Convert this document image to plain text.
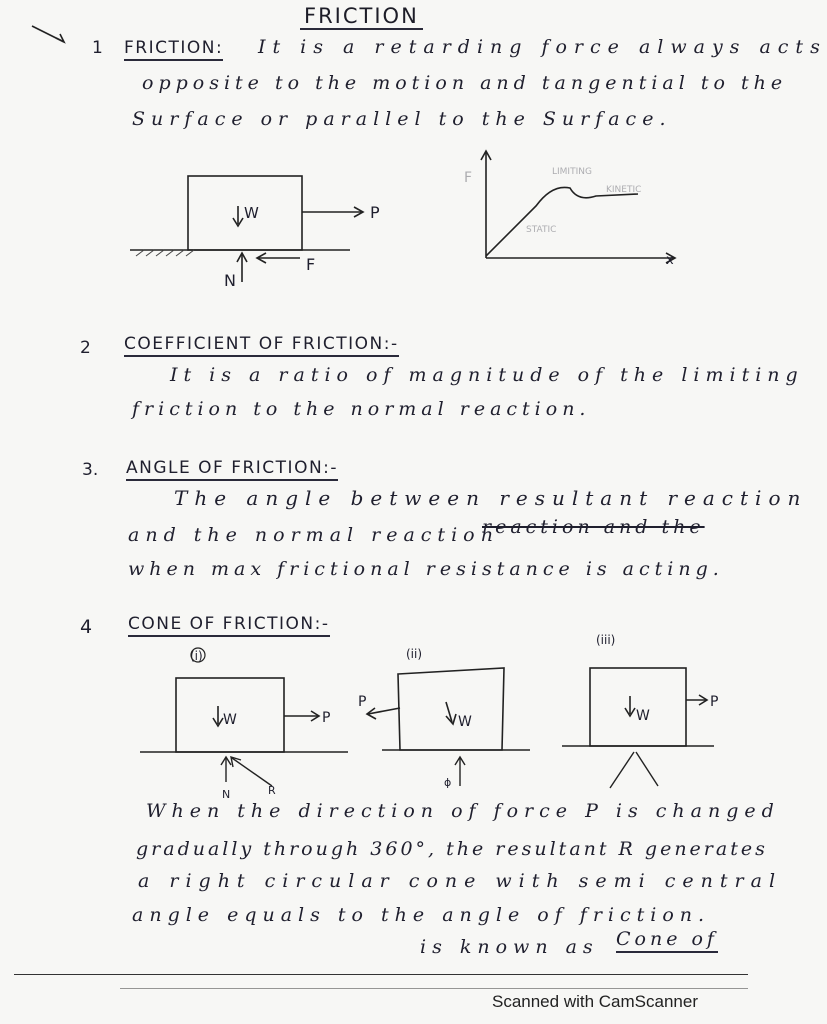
FRICTION
1 FRICTION: It is a retarding force always acts
opposite to the motion and tangential to the
Surface or parallel to the Surface.
W	P
F
N
F
x
LIMITING
KINETIC
STATIC
2 COEFFICIENT OF FRICTION:-
It is a ratio of magnitude of the limiting
friction to the normal reaction.
3. ANGLE OF FRICTION:-
The angle between resultant reaction
and the normal reaction
reaction and the
when max frictional resistance is acting.
4 CONE OF FRICTION:-
(i)
W	P
N	R
(ii)
W
P
ϕ
(iii)
W
P
When the direction of force P is changed
gradually through 360°, the resultant R generates
a right circular cone with semi central
angle equals to the angle of friction.
is known as Cone of
Scanned with CamScanner
